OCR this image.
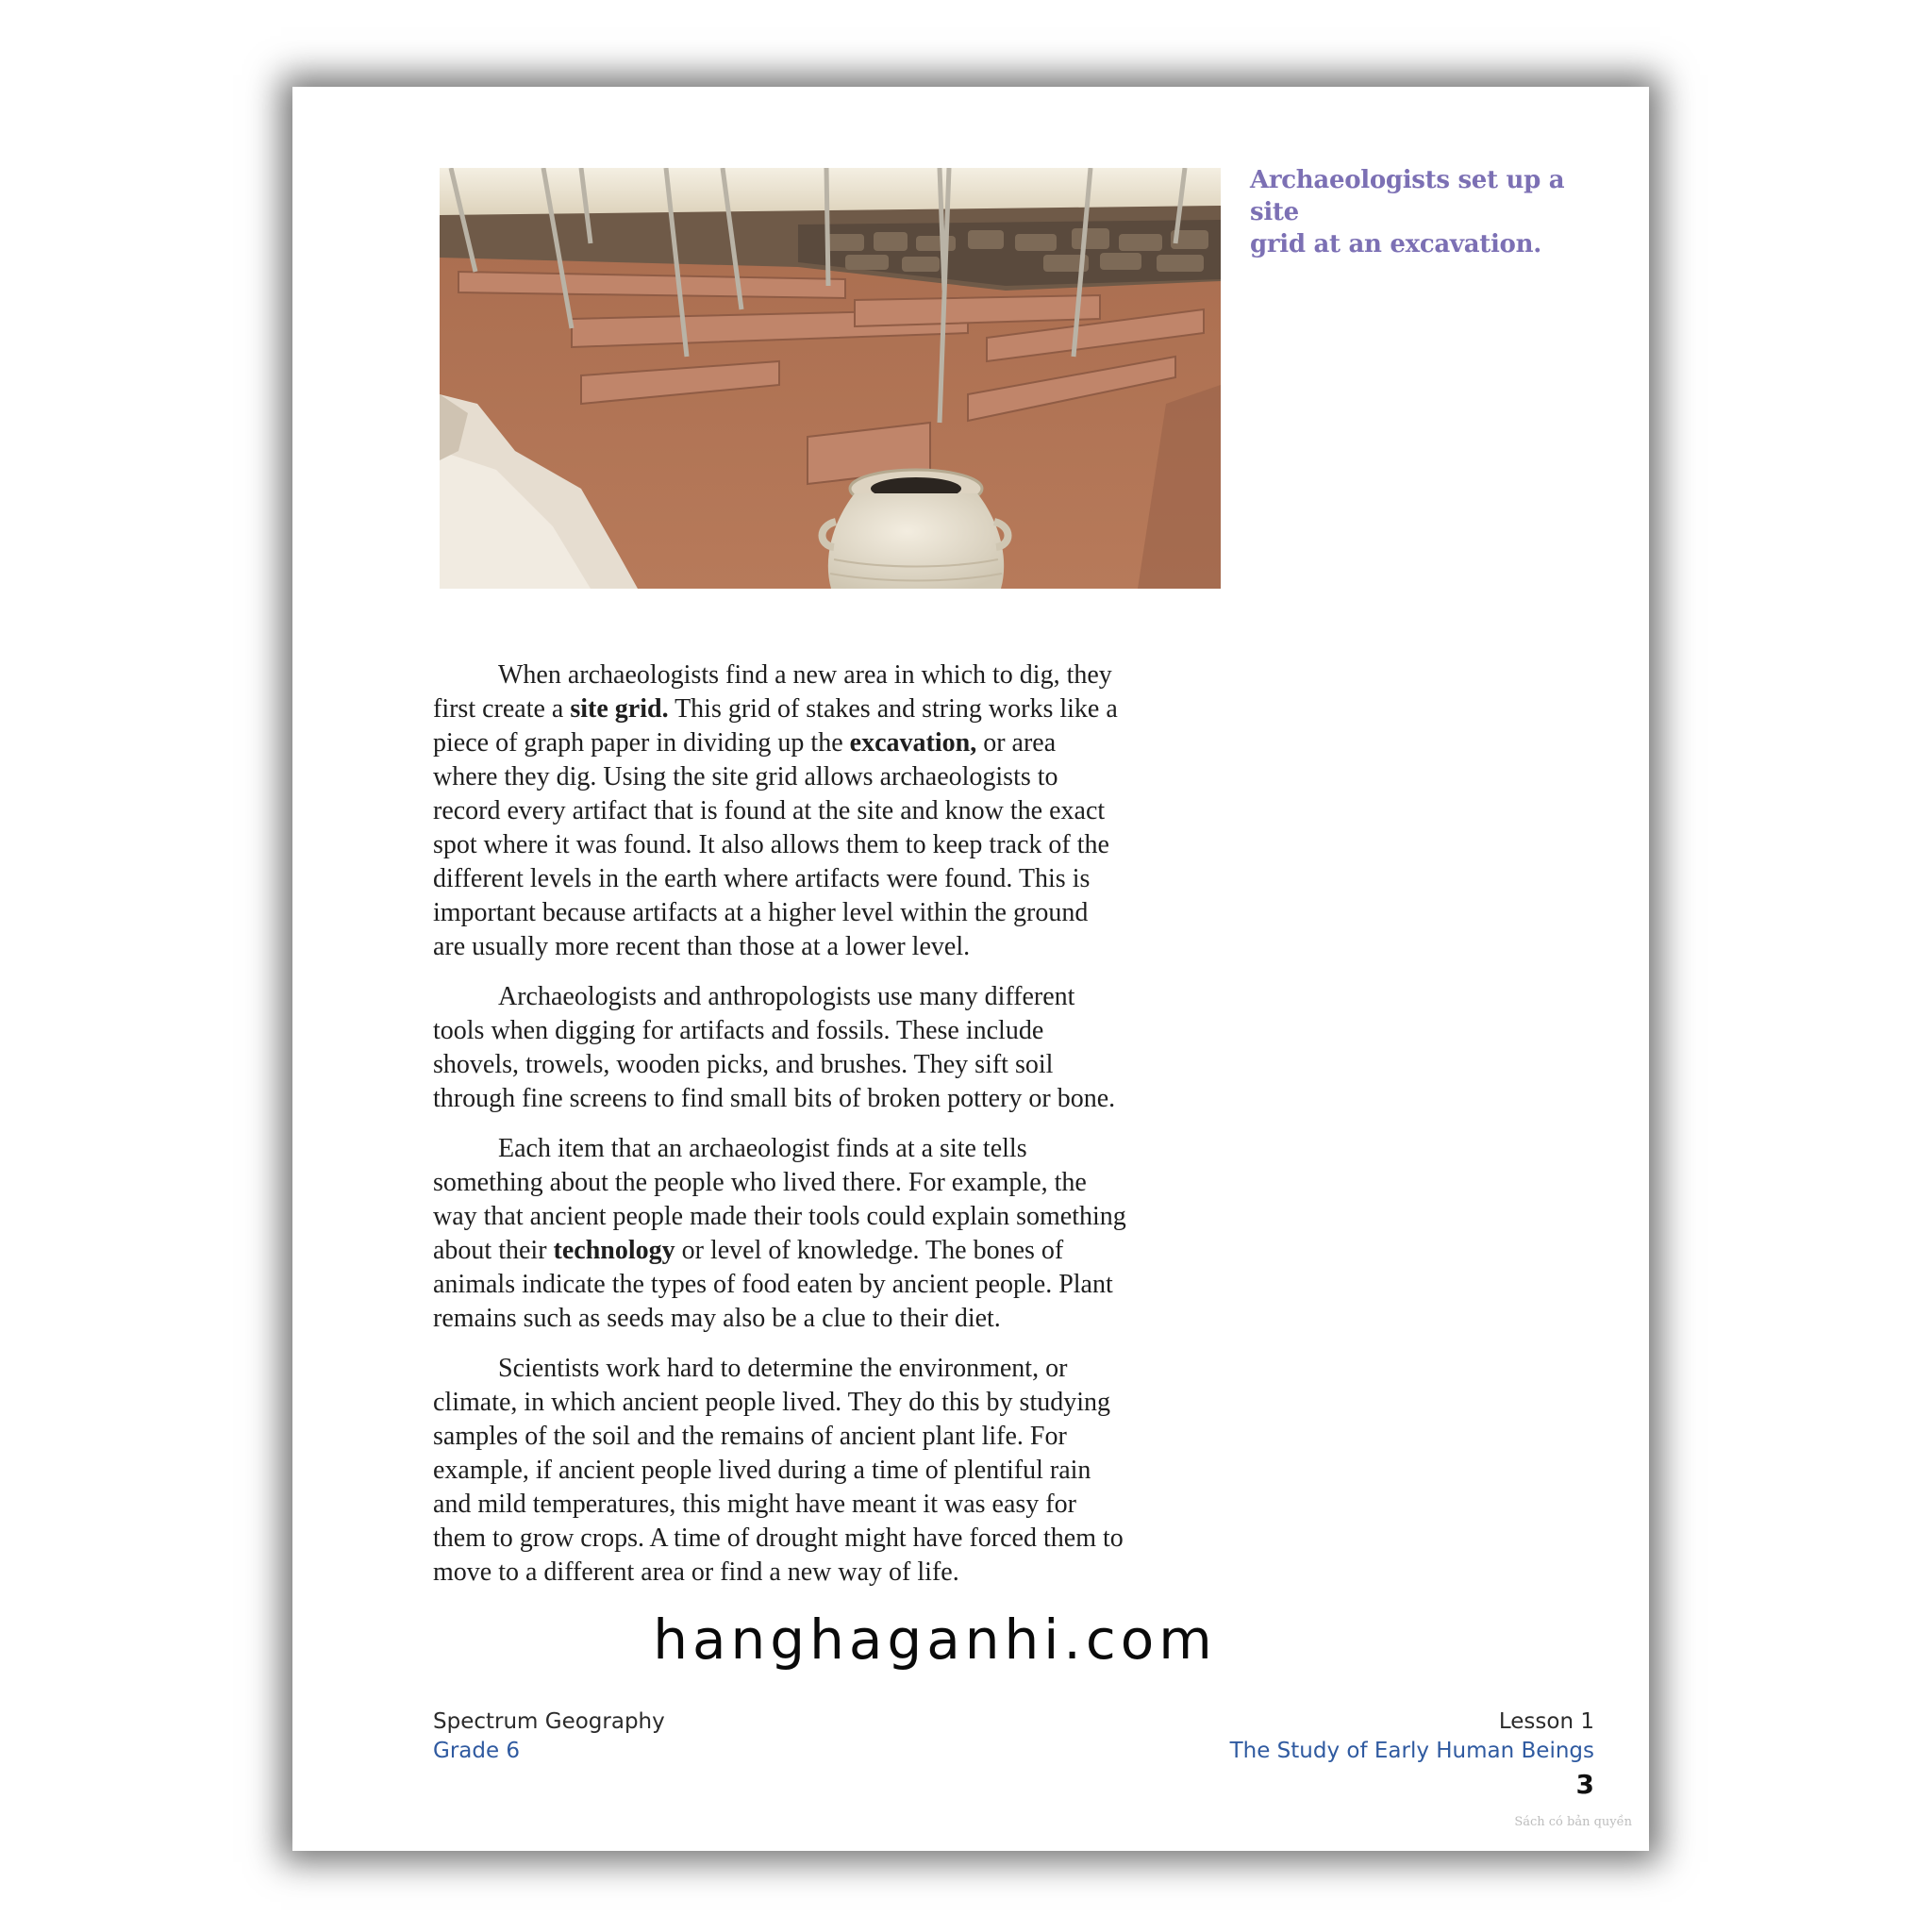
Archaeologists set up a site
grid at an excavation.

When archaeologists find a new area in which to dig, they
first create a site grid. This grid of stakes and string works like a
piece of graph paper in dividing up the excavation, or area
where they dig. Using the site grid allows archaeologists to
record every artifact that is found at the site and know the exact
spot where it was found. It also allows them to keep track of the
different levels in the earth where artifacts were found. This is
important because artifacts at a higher level within the ground
are usually more recent than those at a lower level.

Archaeologists and anthropologists use many different
tools when digging for artifacts and fossils. These include
shovels, trowels, wooden picks, and brushes. They sift soil
through fine screens to find small bits of broken pottery or bone.

Each item that an archaeologist finds at a site tells
something about the people who lived there. For example, the
way that ancient people made their tools could explain something
about their technology or level of knowledge. The bones of
animals indicate the types of food eaten by ancient people. Plant
remains such as seeds may also be a clue to their diet.

Scientists work hard to determine the environment, or
climate, in which ancient people lived. They do this by studying
samples of the soil and the remains of ancient plant life. For
example, if ancient people lived during a time of plentiful rain
and mild temperatures, this might have meant it was easy for
them to grow crops. A time of drought might have forced them to
move to a different area or find a new way of life.

hanghaganhi.com
Spectrum Geography
Grade 6
Lesson 1
The Study of Early Human Beings
3
Sách có bản quyền
